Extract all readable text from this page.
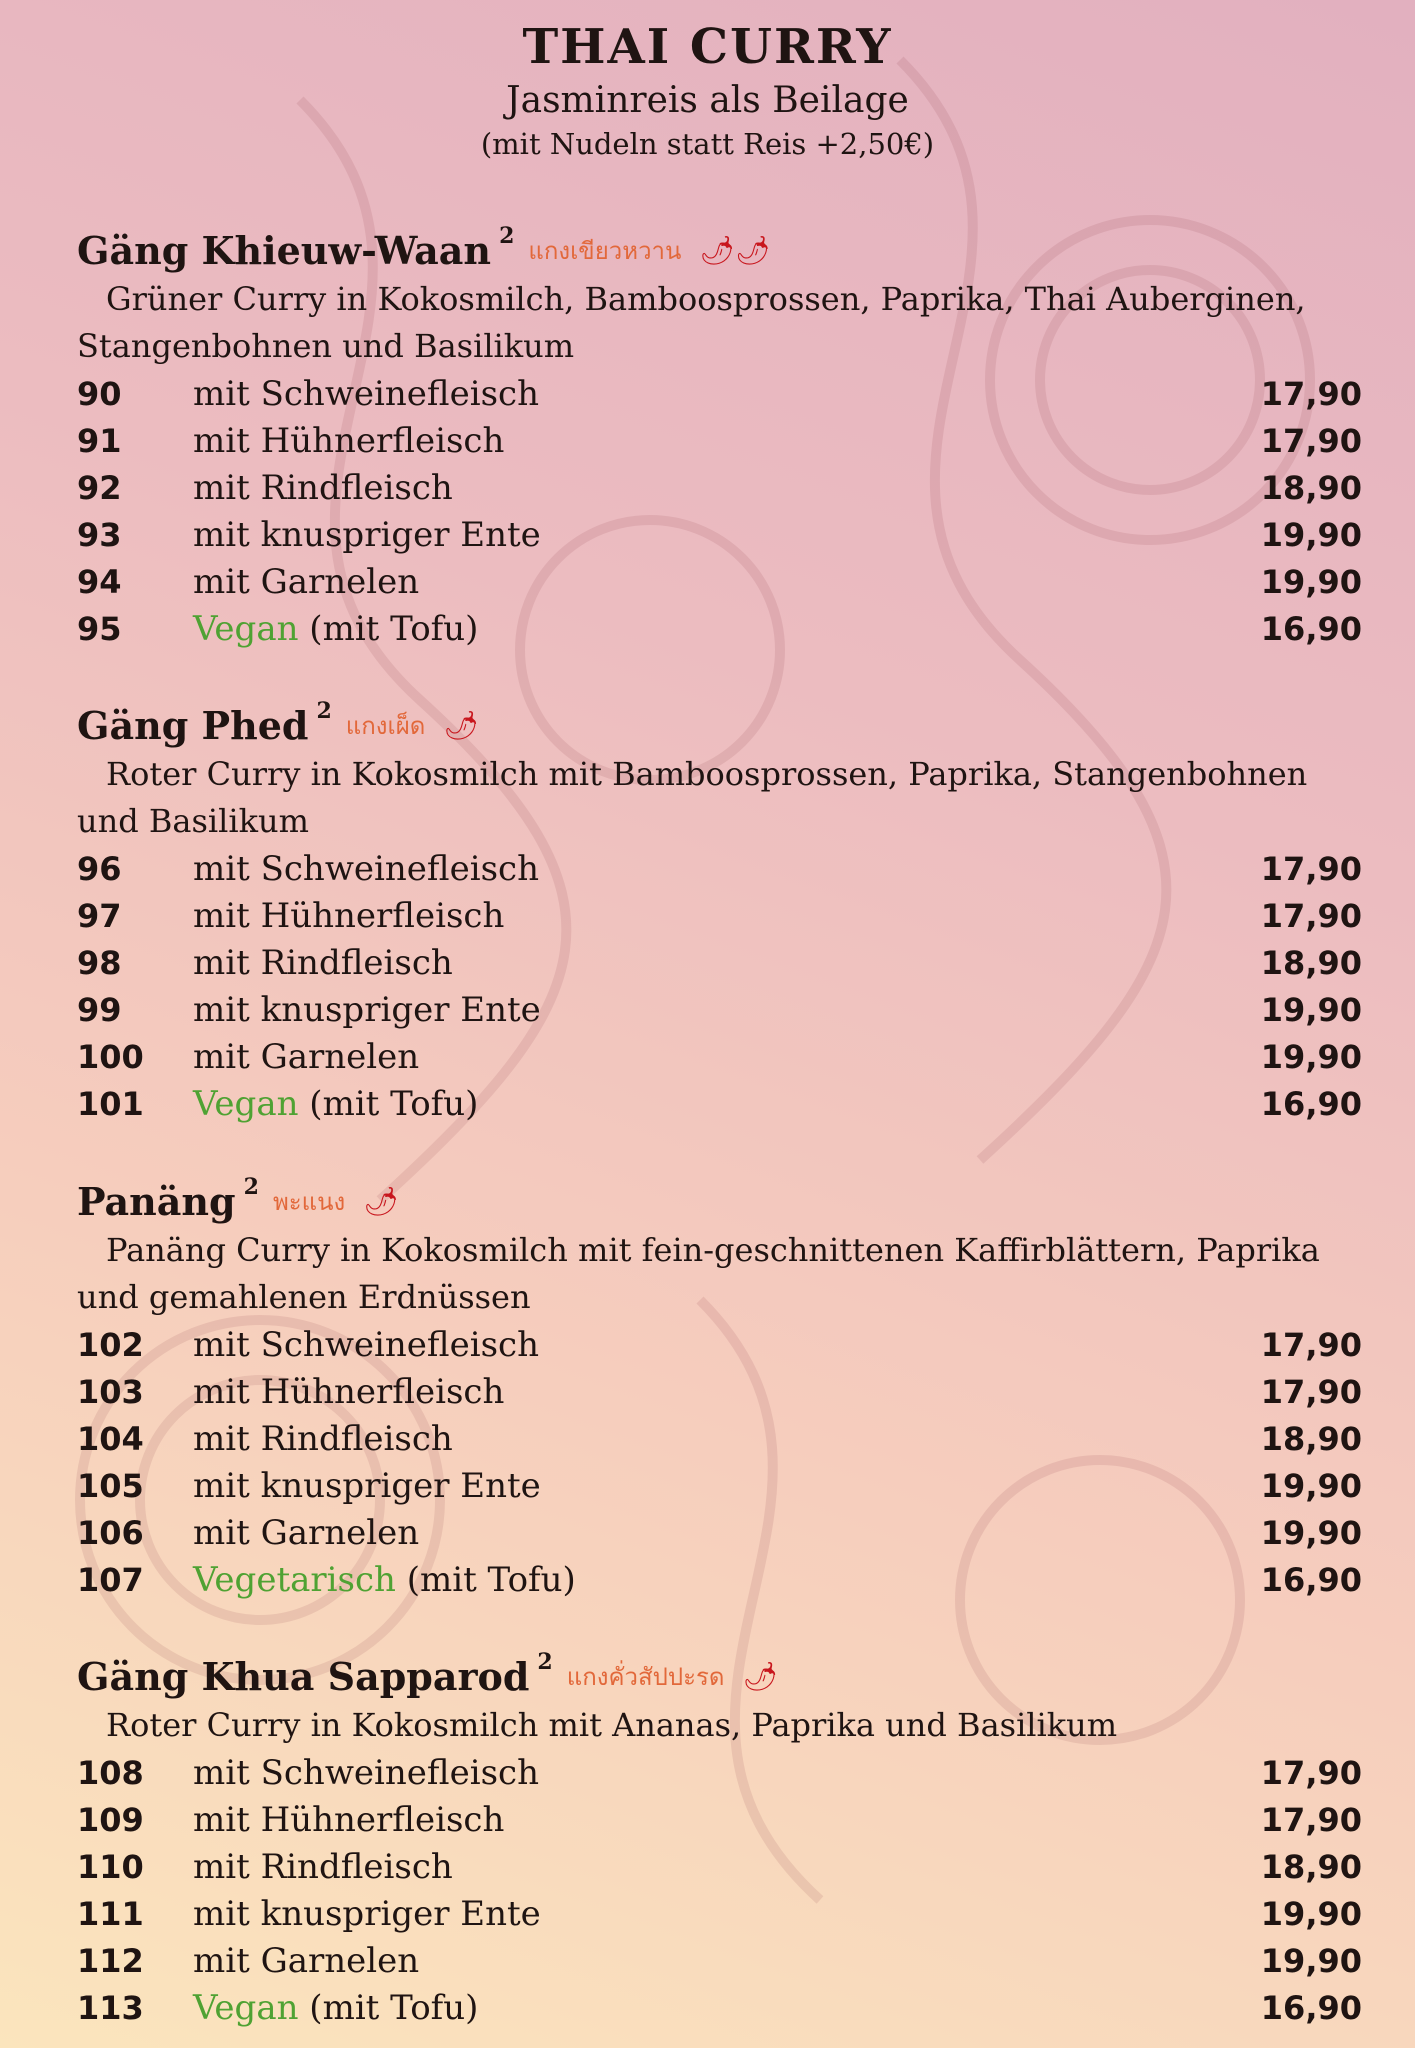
THAI CURRY
Jasminreis als Beilage
(mit Nudeln statt Reis +2,50€)
Gäng Khieuw-Waan 2
แกงเขียวหวาน 🌶 🌶
Grüner Curry in Kokosmilch, Bamboosprossen, Paprika, Thai Auberginen, Stangenbohnen und Basilikum
90	mit Schweinefleisch	17,90
91	mit Hühnerfleisch	17,90
92	mit Rindfleisch	18,90
93	mit knuspriger Ente	19,90
94	mit Garnelen	19,90
95	Vegan (mit Tofu)	16,90
Gäng Phed 2
แกงเผ็ด 🌶
Roter Curry in Kokosmilch mit Bamboosprossen, Paprika, Stangenbohnen und Basilikum
96	mit Schweinefleisch	17,90
97	mit Hühnerfleisch	17,90
98	mit Rindfleisch	18,90
99	mit knuspriger Ente	19,90
100	mit Garnelen	19,90
101	Vegan (mit Tofu)	16,90
Panäng 2
พะแนง 🌶
Panäng Curry in Kokosmilch mit fein-geschnittenen Kaffirblättern, Paprika und gemahlenen Erdnüssen
102	mit Schweinefleisch	17,90
103	mit Hühnerfleisch	17,90
104	mit Rindfleisch	18,90
105	mit knuspriger Ente	19,90
106	mit Garnelen	19,90
107	Vegetarisch (mit Tofu)	16,90
Gäng Khua Sapparod 2
แกงคั่วสัปปะรด 🌶
Roter Curry in Kokosmilch mit Ananas, Paprika und Basilikum
108	mit Schweinefleisch	17,90
109	mit Hühnerfleisch	17,90
110	mit Rindfleisch	18,90
111	mit knuspriger Ente	19,90
112	mit Garnelen	19,90
113	Vegan (mit Tofu)	16,90
